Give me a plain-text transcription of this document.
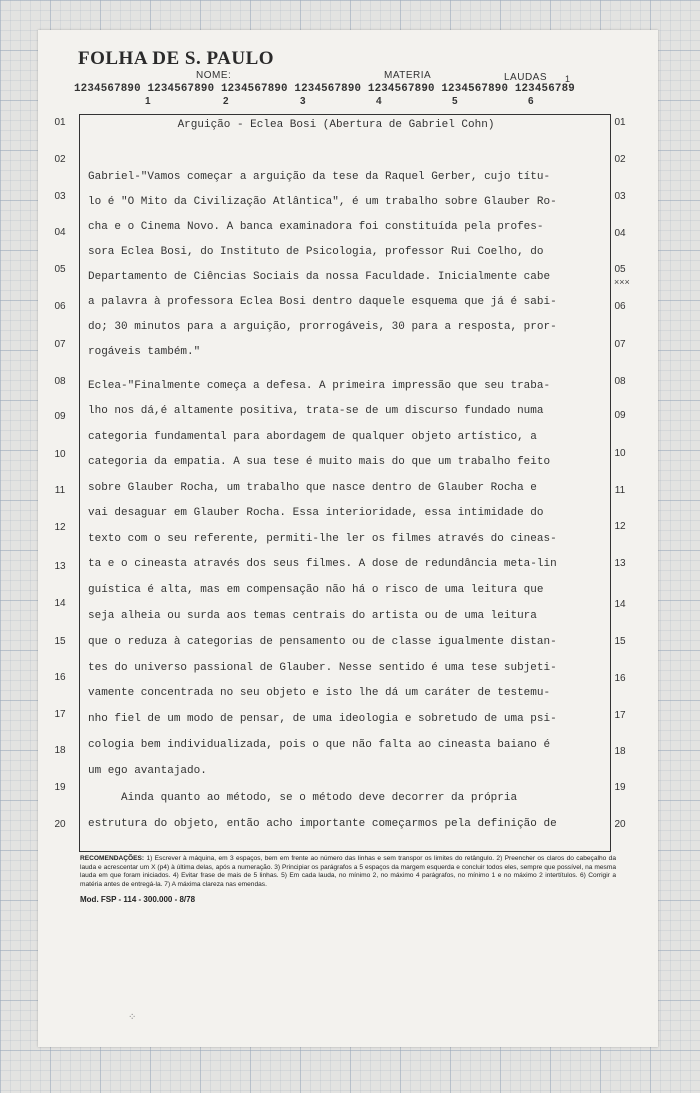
FOLHA DE S. PAULO
NOME:	MATERIA	LAUDAS 1
1234567890 1234567890 1234567890 1234567890 1234567890 1234567890 123456789
1	2	3	4	5	6
01	01
02	02
03	03
04	04
05	05
06	06
07	07
08	08
09	09
10	10
11	11
12	12
13	13
14	14
15	15
16	16
17	17
18	18
19	19
20	20
Arguição - Eclea Bosi (Abertura de Gabriel Cohn)
Gabriel-"Vamos começar a arguição da tese da Raquel Gerber, cujo títu-
lo é "O Mito da Civilização Atlântica", é um trabalho sobre Glauber Ro-
cha e o Cinema Novo. A banca examinadora foi constituída pela profes-
sora Eclea Bosi, do Instituto de Psicologia, professor Rui Coelho, do
Departamento de Ciências Sociais da nossa Faculdade. Inicialmente cabe
a palavra à professora Eclea Bosi dentro daquele esquema que já é sabi-
do; 30 minutos para a arguição, prorrogáveis, 30 para a resposta, pror-
rogáveis também."
Eclea-"Finalmente começa a defesa. A primeira impressão que seu traba-
lho nos dá,é altamente positiva, trata-se de um discurso fundado numa
categoria fundamental para abordagem de qualquer objeto artístico, a
categoria da empatia. A sua tese é muito mais do que um trabalho feito
sobre Glauber Rocha, um trabalho que nasce dentro de Glauber Rocha e
vai desaguar em Glauber Rocha. Essa interioridade, essa intimidade do
texto com o seu referente, permiti-lhe ler os filmes através do cineas-
ta e o cineasta através dos seus filmes. A dose de redundância meta-lin
guística é alta, mas em compensação não há o risco de uma leitura que
seja alheia ou surda aos temas centrais do artista ou de uma leitura
que o reduza à categorias de pensamento ou de classe igualmente distan-
tes do universo passional de Glauber. Nesse sentido é uma tese subjeti-
vamente concentrada no seu objeto e isto lhe dá um caráter de testemu-
nho fiel de um modo de pensar, de uma ideologia e sobretudo de uma psi-
cologia bem individualizada, pois o que não falta ao cineasta baiano é
um ego avantajado.
Ainda quanto ao método, se o método deve decorrer da própria
estrutura do objeto, então acho importante começarmos pela definição de
×××
RECOMENDAÇÕES: 1) Escrever à máquina, em 3 espaços, bem em frente ao número das linhas e sem transpor os limites do retângulo. 2) Preencher os claros do cabeçalho da lauda e acrescentar um X (p4) à última delas, após a numeração. 3) Principiar os parágrafos a 5 espaços da margem esquerda e concluir todos eles, sempre que possível, na mesma lauda em que foram iniciados. 4) Evitar frase de mais de 5 linhas. 5) Em cada lauda, no mínimo 2, no máximo 4 parágrafos, no mínimo 1 e no máximo 2 intertítulos. 6) Corrigir a matéria antes de entregá-la. 7) A máxima clareza nas emendas.
Mod. FSP - 114 - 300.000 - 8/78
⁘
